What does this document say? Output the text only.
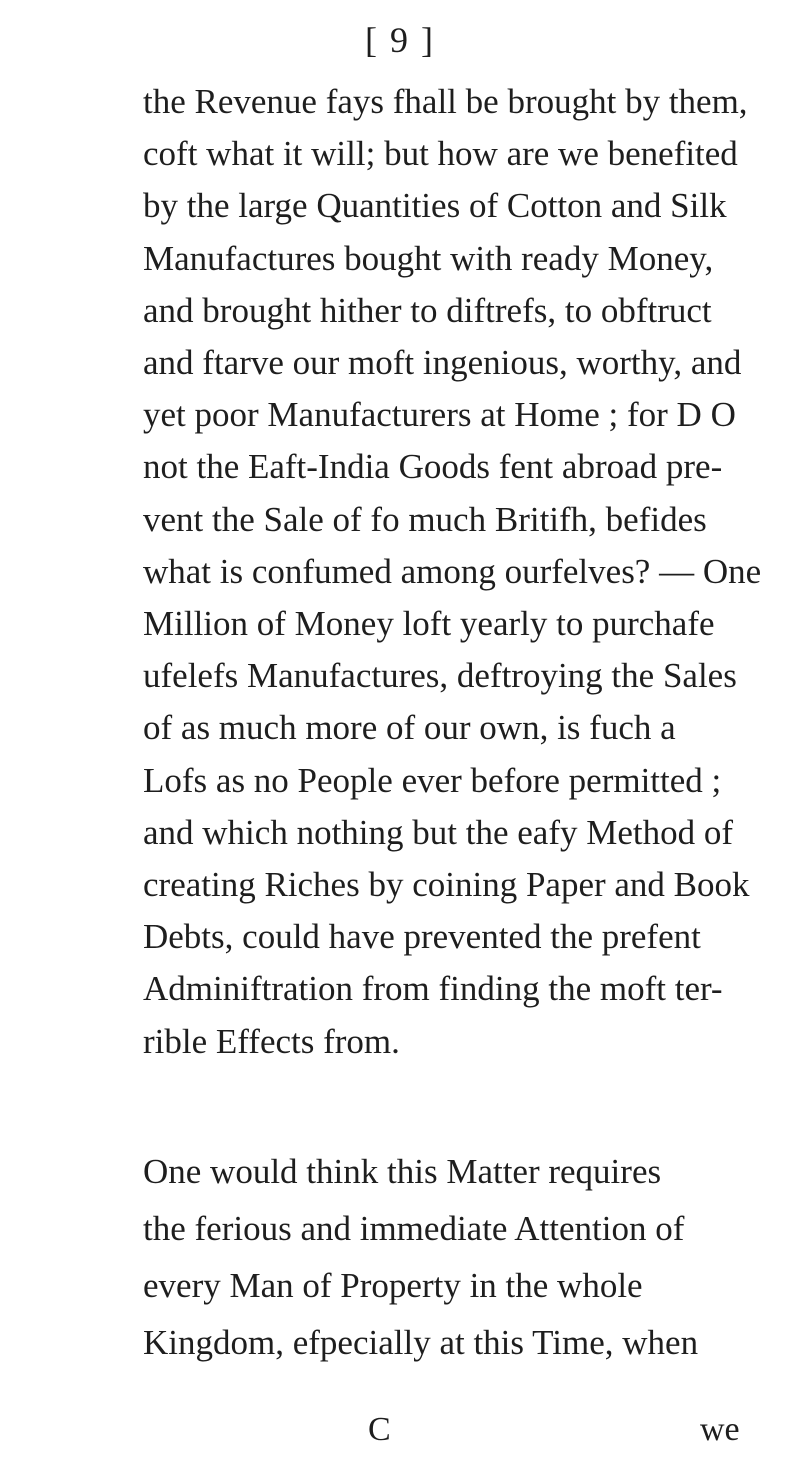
[ 9 ]
the Revenue fays fhall be brought by them,
coft what it will; but how are we benefited
by the large Quantities of Cotton and Silk
Manufactures bought with ready Money,
and brought hither to diftrefs, to obftruct
and ftarve our moft ingenious, worthy, and
yet poor Manufacturers at Home ; for D O
not the Eaft-India Goods fent abroad pre-
vent the Sale of fo much Britifh, befides
what is confumed among ourfelves? — One
Million of Money loft yearly to purchafe
ufelefs Manufactures, deftroying the Sales
of as much more of our own, is fuch a
Lofs as no People ever before permitted ;
and which nothing but the eafy Method of
creating Riches by coining Paper and Book
Debts, could have prevented the prefent
Adminiftration from finding the moft ter-
rible Effects from.
One would think this Matter requires
the ferious and immediate Attention of
every Man of Property in the whole
Kingdom, efpecially at this Time, when
C	we
